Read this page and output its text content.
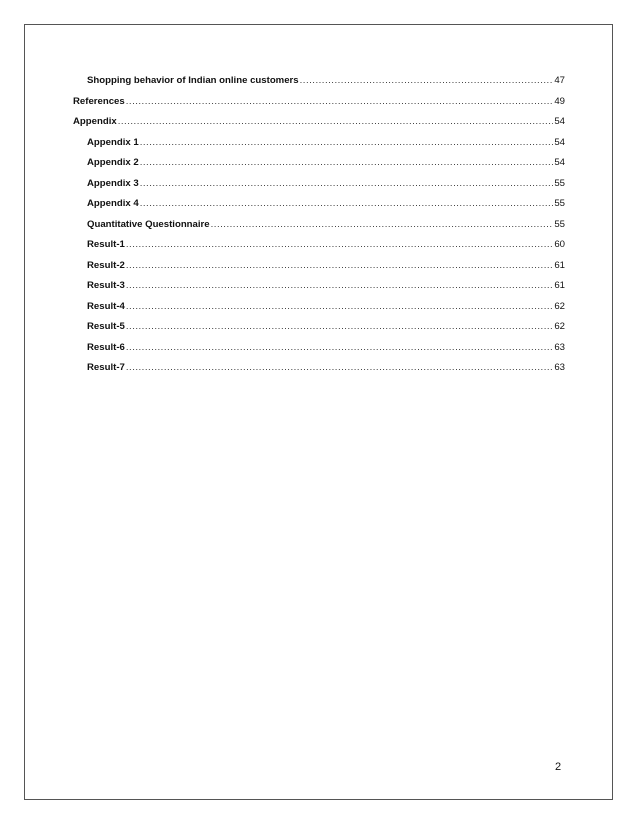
Shopping behavior of Indian online customers .....	47
References .....	49
Appendix .....	54
Appendix 1 .....	54
Appendix 2 .....	54
Appendix 3 .....	55
Appendix 4 .....	55
Quantitative Questionnaire .....	55
Result-1 .....	60
Result-2 .....	61
Result-3 .....	61
Result-4 .....	62
Result-5 .....	62
Result-6 .....	63
Result-7 .....	63
2
